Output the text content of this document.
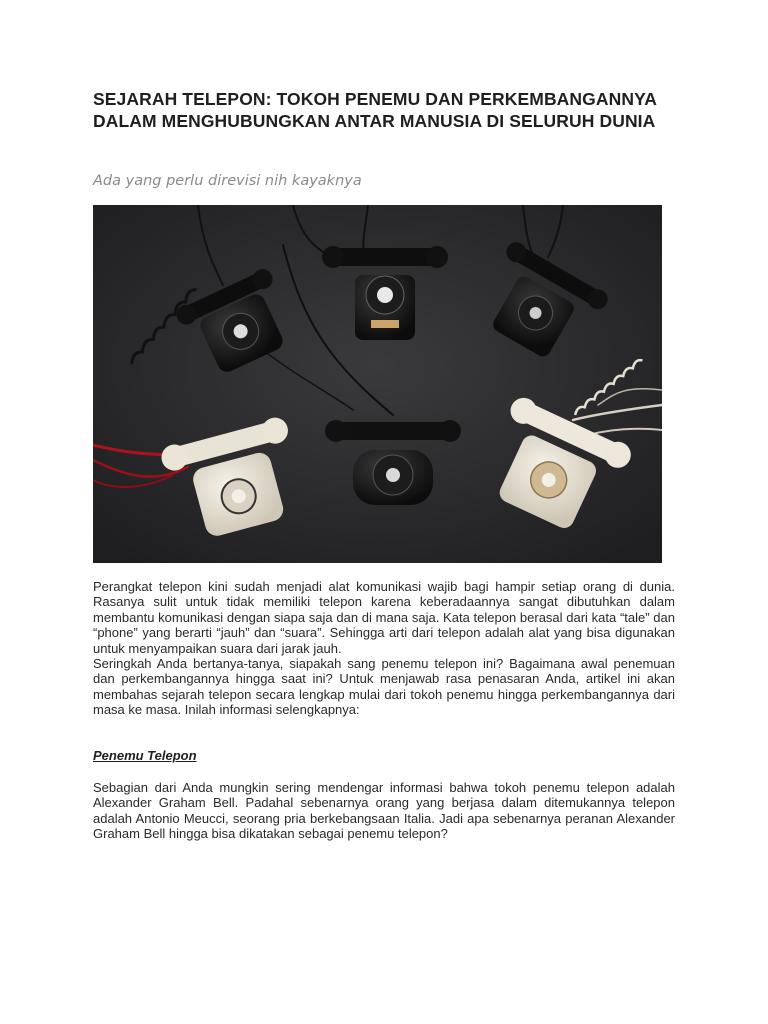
SEJARAH TELEPON: TOKOH PENEMU DAN PERKEMBANGANNYA DALAM MENGHUBUNGKAN ANTAR MANUSIA DI SELURUH DUNIA

Ada yang perlu direvisi nih kayaknya

Perangkat telepon kini sudah menjadi alat komunikasi wajib bagi hampir setiap orang di dunia. Rasanya sulit untuk tidak memiliki telepon karena keberadaannya sangat dibutuhkan dalam membantu komunikasi dengan siapa saja dan di mana saja. Kata telepon berasal dari kata “tale” dan “phone” yang berarti “jauh” dan “suara”. Sehingga arti dari telepon adalah alat yang bisa digunakan untuk menyampaikan suara dari jarak jauh.

Seringkah Anda bertanya-tanya, siapakah sang penemu telepon ini? Bagaimana awal penemuan dan perkembangannya hingga saat ini? Untuk menjawab rasa penasaran Anda, artikel ini akan membahas sejarah telepon secara lengkap mulai dari tokoh penemu hingga perkembangannya dari masa ke masa. Inilah informasi selengkapnya:

Penemu Telepon

Sebagian dari Anda mungkin sering mendengar informasi bahwa tokoh penemu telepon adalah Alexander Graham Bell. Padahal sebenarnya orang yang berjasa dalam ditemukannya telepon adalah Antonio Meucci, seorang pria berkebangsaan Italia. Jadi apa sebenarnya peranan Alexander Graham Bell hingga bisa dikatakan sebagai penemu telepon?
